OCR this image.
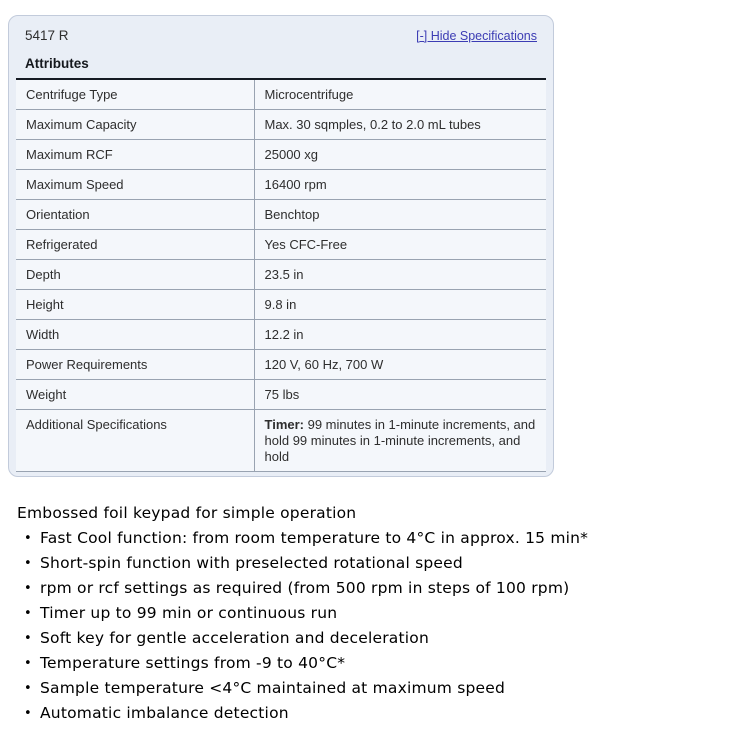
5417 R	[-] Hide Specifications
Attributes
Centrifuge Type	Microcentrifuge
Maximum Capacity	Max. 30 sqmples, 0.2 to 2.0 mL tubes
Maximum RCF	25000 xg
Maximum Speed	16400 rpm
Orientation	Benchtop
Refrigerated	Yes CFC-Free
Depth	23.5 in
Height	9.8 in
Width	12.2 in
Power Requirements	120 V, 60 Hz, 700 W
Weight	75 lbs
Additional Specifications	Timer: 99 minutes in 1-minute increments, and hold 99 minutes in 1-minute increments, and hold

Embossed foil keypad for simple operation

• Fast Cool function: from room temperature to 4°C in approx. 15 min*
• Short-spin function with preselected rotational speed
• rpm or rcf settings as required (from 500 rpm in steps of 100 rpm)
• Timer up to 99 min or continuous run
• Soft key for gentle acceleration and deceleration
• Temperature settings from -9 to 40°C*
• Sample temperature <4°C maintained at maximum speed
• Automatic imbalance detection
